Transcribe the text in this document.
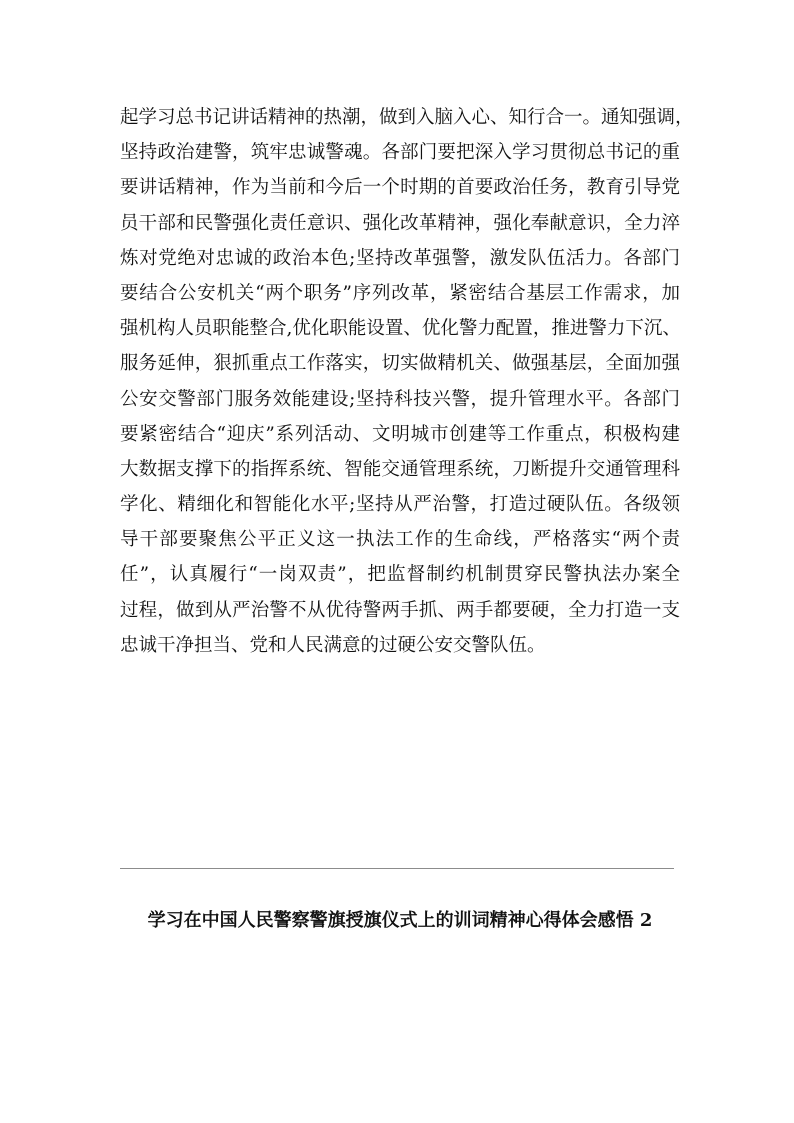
起学习总书记讲话精神的热潮，做到入脑入心、知行合一。通知强调，
坚持政治建警，筑牢忠诚警魂。各部门要把深入学习贯彻总书记的重
要讲话精神，作为当前和今后一个时期的首要政治任务，教育引导党
员干部和民警强化责任意识、强化改革精神，强化奉献意识，全力淬
炼对党绝对忠诚的政治本色;坚持改革强警，激发队伍活力。各部门
要结合公安机关“两个职务”序列改革，紧密结合基层工作需求，加
强机构人员职能整合,优化职能设置、优化警力配置，推进警力下沉、
服务延伸，狠抓重点工作落实，切实做精机关、做强基层，全面加强
公安交警部门服务效能建设;坚持科技兴警，提升管理水平。各部门
要紧密结合“迎庆”系列活动、文明城市创建等工作重点，积极构建
大数据支撑下的指挥系统、智能交通管理系统，刀断提升交通管理科
学化、精细化和智能化水平;坚持从严治警，打造过硬队伍。各级领
导干部要聚焦公平正义这一执法工作的生命线，严格落实“两个责
任”，认真履行“一岗双责”，把监督制约机制贯穿民警执法办案全
过程，做到从严治警不从优待警两手抓、两手都要硬，全力打造一支
忠诚干净担当、党和人民满意的过硬公安交警队伍。
学习在中国人民警察警旗授旗仪式上的训词精神心得体会感悟 2
